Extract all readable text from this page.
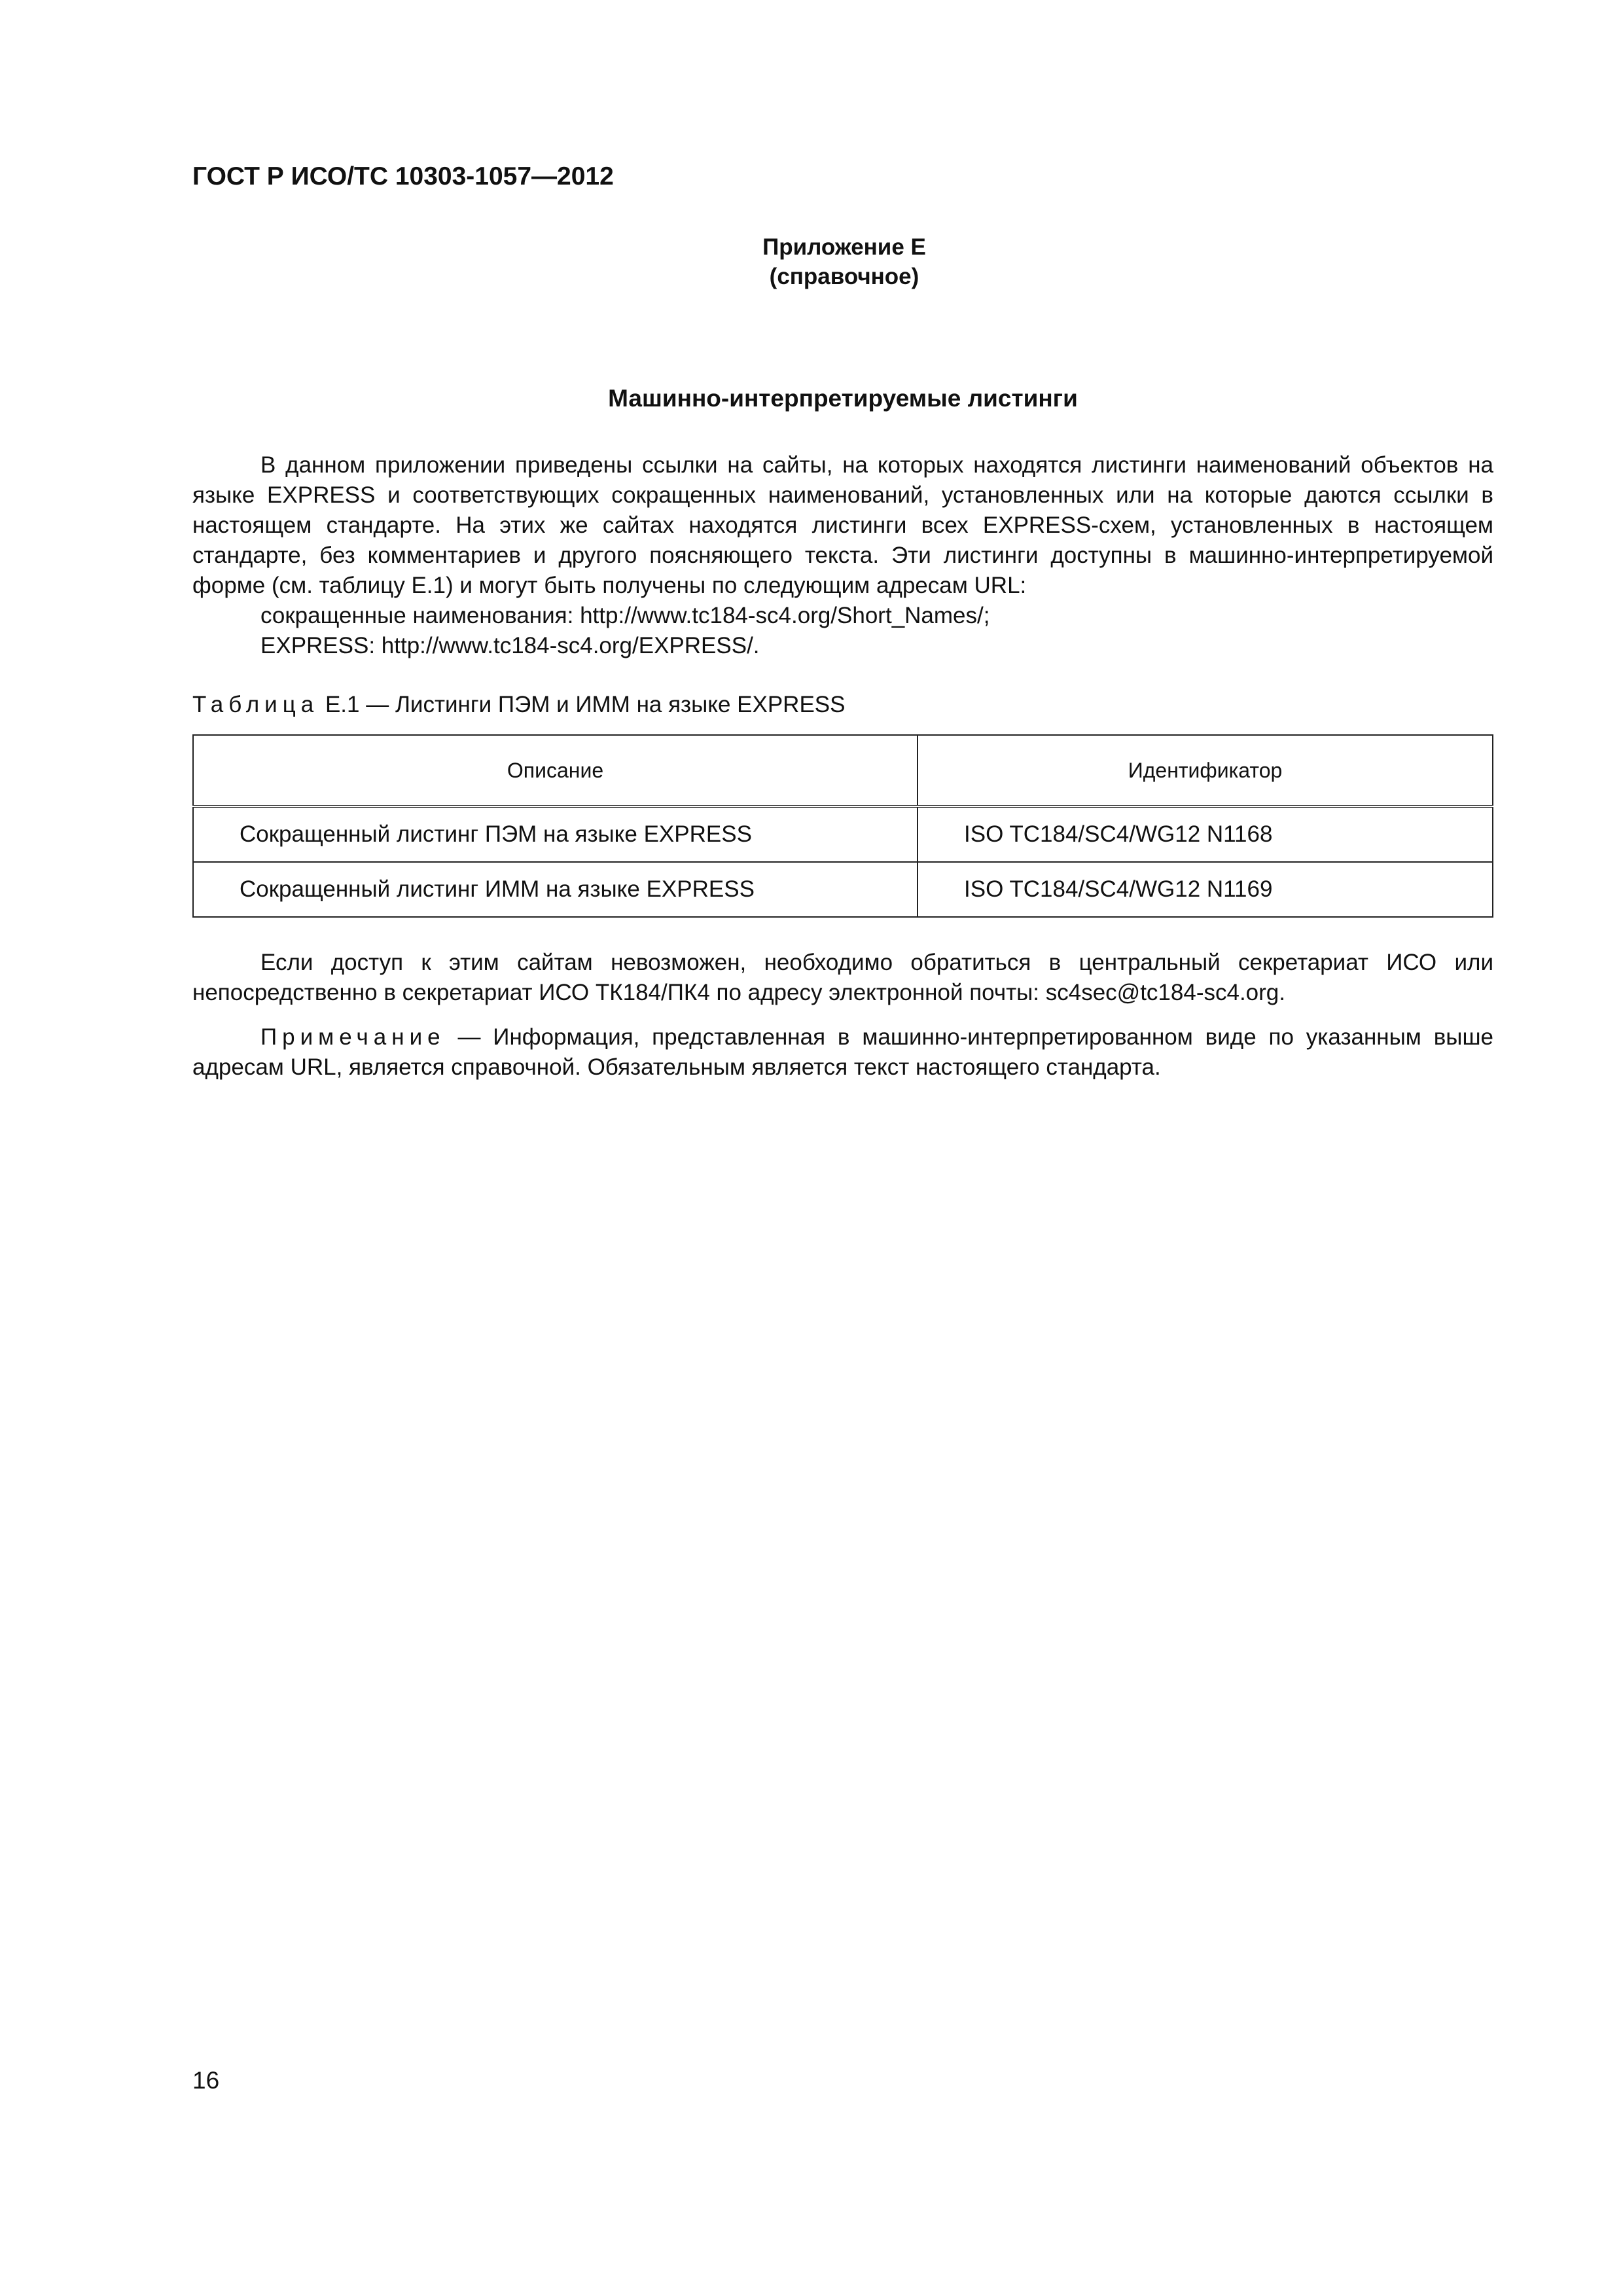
ГОСТ Р ИСО/ТС 10303-1057—2012
Приложение Е
(справочное)
Машинно-интерпретируемые листинги
В данном приложении приведены ссылки на сайты, на которых находятся листинги наименований объектов на языке EXPRESS и соответствующих сокращенных наименований, установленных или на которые даются ссылки в настоящем стандарте. На этих же сайтах находятся листинги всех EXPRESS-схем, установленных в настоящем стандарте, без комментариев и другого поясняющего текста. Эти листинги доступны в машинно-интерпретируемой форме (см. таблицу Е.1) и могут быть получены по следующим адресам URL:
сокращенные наименования: http://www.tc184-sc4.org/Short_Names/;
EXPRESS: http://www.tc184-sc4.org/EXPRESS/.
Таблица Е.1 — Листинги ПЭМ и ИММ на языке EXPRESS
Описание	Идентификатор
Сокращенный листинг ПЭМ на языке EXPRESS	ISO TC184/SC4/WG12 N1168
Сокращенный листинг ИММ на языке EXPRESS	ISO TC184/SC4/WG12 N1169
Если доступ к этим сайтам невозможен, необходимо обратиться в центральный секретариат ИСО или непосредственно в секретариат ИСО ТК184/ПК4 по адресу электронной почты: sc4sec@tc184-sc4.org.
Примечание — Информация, представленная в машинно-интерпретированном виде по указанным выше адресам URL, является справочной. Обязательным является текст настоящего стандарта.
16
